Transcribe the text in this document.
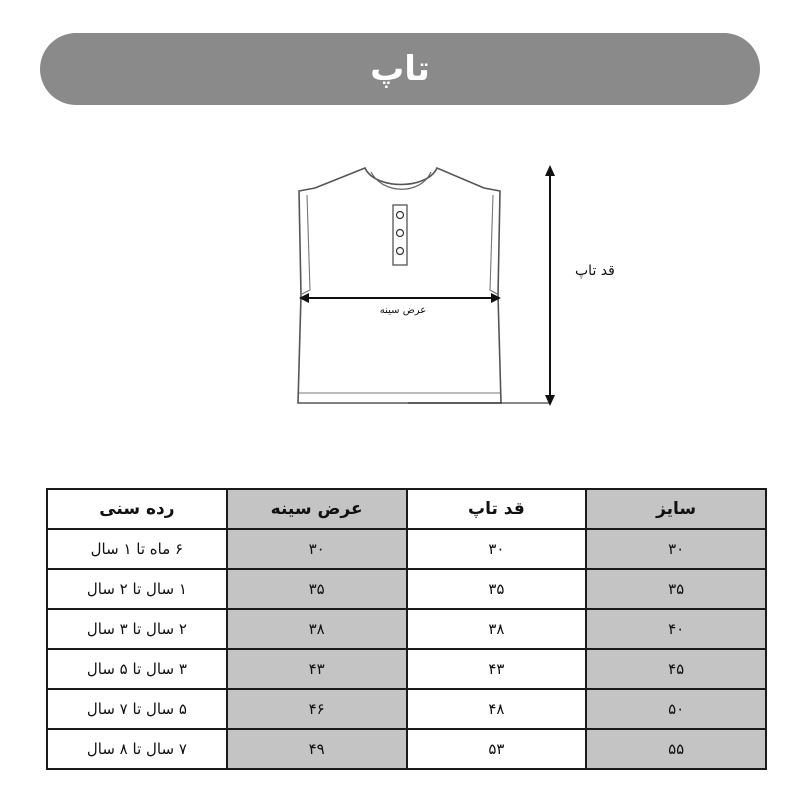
تاپ
قد تاپ
عرض سینه
سایز	قد تاپ	عرض سینه	رده سنی
۳۰	۳۰	۳۰	۶ ماه تا ۱ سال
۳۵	۳۵	۳۵	۱ سال تا ۲ سال
۴۰	۳۸	۳۸	۲ سال تا ۳ سال
۴۵	۴۳	۴۳	۳ سال تا ۵ سال
۵۰	۴۸	۴۶	۵ سال تا ۷ سال
۵۵	۵۳	۴۹	۷ سال تا ۸ سال
